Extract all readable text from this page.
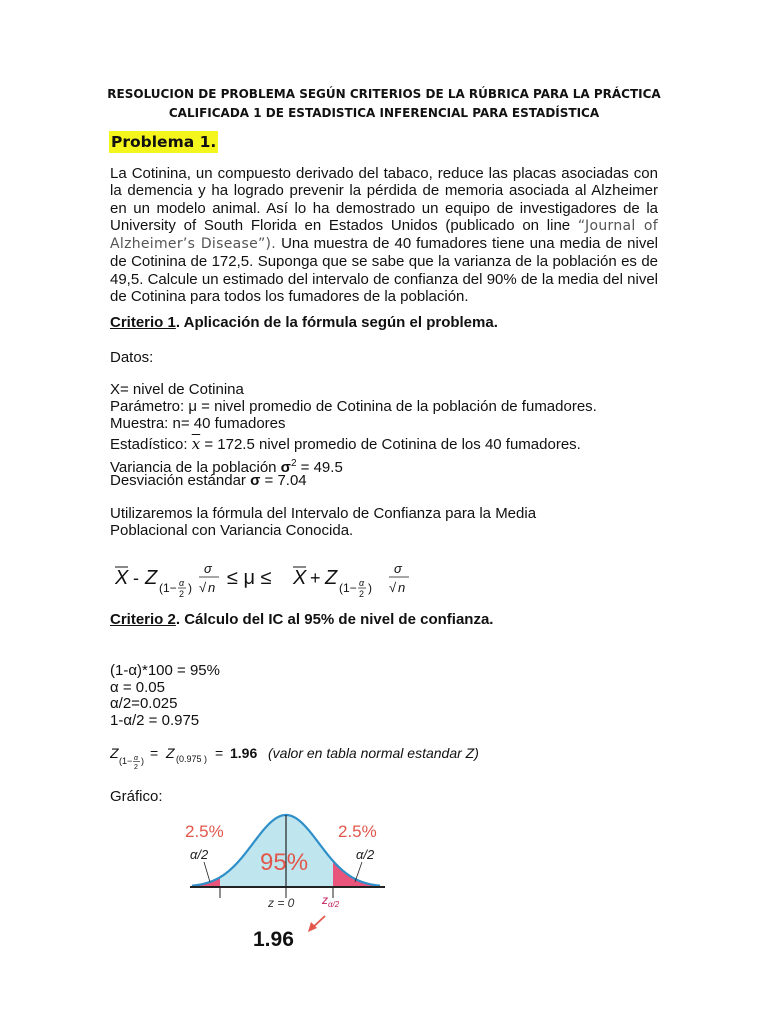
RESOLUCION DE PROBLEMA SEGÚN CRITERIOS DE LA RÚBRICA PARA LA PRÁCTICA
CALIFICADA 1 DE ESTADISTICA INFERENCIAL PARA ESTADÍSTICA
Problema 1.
La Cotinina, un compuesto derivado del tabaco, reduce las placas asociadas con la demencia y ha logrado prevenir la pérdida de memoria asociada al Alzheimer en un modelo animal. Así lo ha demostrado un equipo de investigadores de la University of South Florida en Estados Unidos (publicado on line “Journal of Alzheimer’s Disease”). Una muestra de 40 fumadores tiene una media de nivel de Cotinina de 172,5. Suponga que se sabe que la varianza de la población es de 49,5. Calcule un estimado del intervalo de confianza del 90% de la media del nivel de Cotinina para todos los fumadores de la población.
Criterio 1. Aplicación de la fórmula según el problema.
Datos:
X= nivel de Cotinina
Parámetro: μ = nivel promedio de Cotinina de la población de fumadores.
Muestra: n= 40 fumadores
Estadístico: $\overline{x} = 172.5$ nivel promedio de Cotinina de los 40 fumadores.
Variancia de la población $\sigma^2 = 49.5$
Desviación estándar σ = 7.04
Utilizaremos la fórmula del Intervalo de Confianza para la Media
Poblacional con Variancia Conocida.
X - Z (1− α
2 )
σ
√ n ≤ μ ≤ X + Z (1− α
2 )
σ
√ n
Criterio 2. Cálculo del IC al 95% de nivel de confianza.
(1-α)*100 = 95%
α = 0.05
α/2=0.025
1-α/2 = 0.975
Z (1− α
2
) = Z (0.975 ) = 1.96 (valor en tabla normal estandar Z)
Gráfico:
2.5%	2.5%
α/2	α/2
95%
z = 0 $z_{\alpha/2}$
1.96
